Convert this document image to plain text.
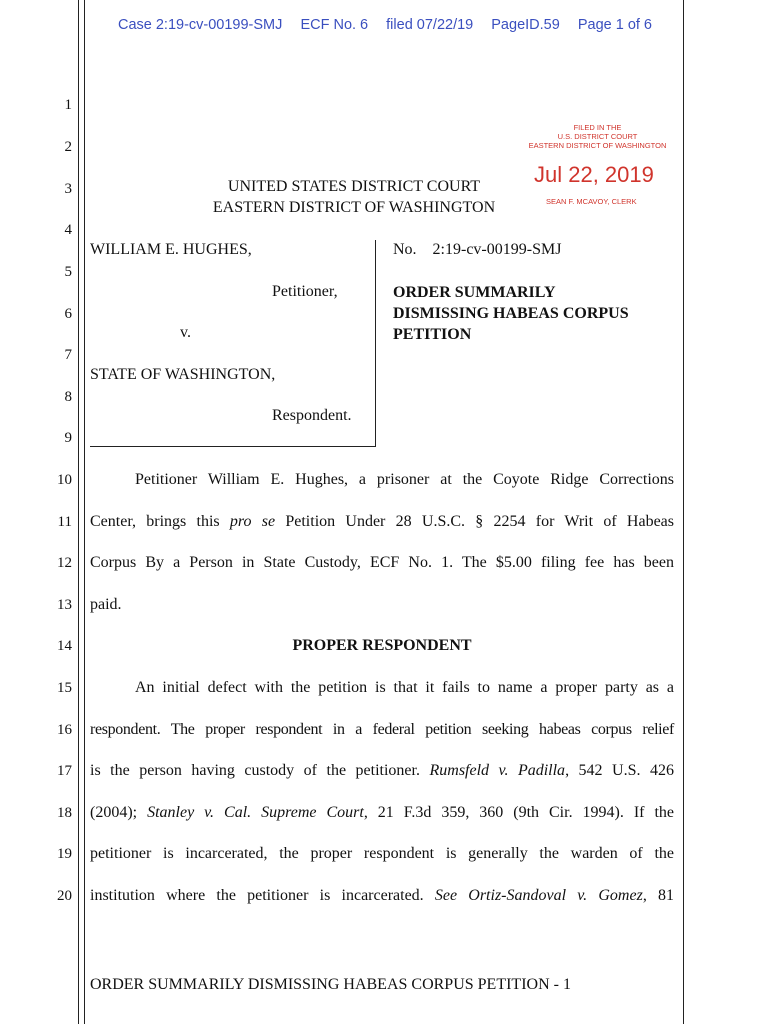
Case 2:19-cv-00199-SMJ ECF No. 6 filed 07/22/19 PageID.59 Page 1 of 6
1
2
3
4
5
6
7
8
9
10
11
12
13
14
15
16
17
18
19
20
FILED IN THE
U.S. DISTRICT COURT
EASTERN DISTRICT OF WASHINGTON
Jul 22, 2019
SEAN F. MCAVOY, CLERK
UNITED STATES DISTRICT COURT
EASTERN DISTRICT OF WASHINGTON
WILLIAM E. HUGHES,
Petitioner,
v.
STATE OF WASHINGTON,
Respondent.
No.    2:19-cv-00199-SMJ
ORDER SUMMARILY
DISMISSING HABEAS CORPUS
PETITION
Petitioner William E. Hughes, a prisoner at the Coyote Ridge Corrections
Center, brings this pro se Petition Under 28 U.S.C. § 2254 for Writ of Habeas
Corpus By a Person in State Custody, ECF No. 1. The $5.00 filing fee has been
paid.
PROPER RESPONDENT
An initial defect with the petition is that it fails to name a proper party as a
respondent. The proper respondent in a federal petition seeking habeas corpus relief
is the person having custody of the petitioner. Rumsfeld v. Padilla, 542 U.S. 426
(2004); Stanley v. Cal. Supreme Court, 21 F.3d 359, 360 (9th Cir. 1994). If the
petitioner is incarcerated, the proper respondent is generally the warden of the
institution where the petitioner is incarcerated. See Ortiz-Sandoval v. Gomez, 81
ORDER SUMMARILY DISMISSING HABEAS CORPUS PETITION - 1
